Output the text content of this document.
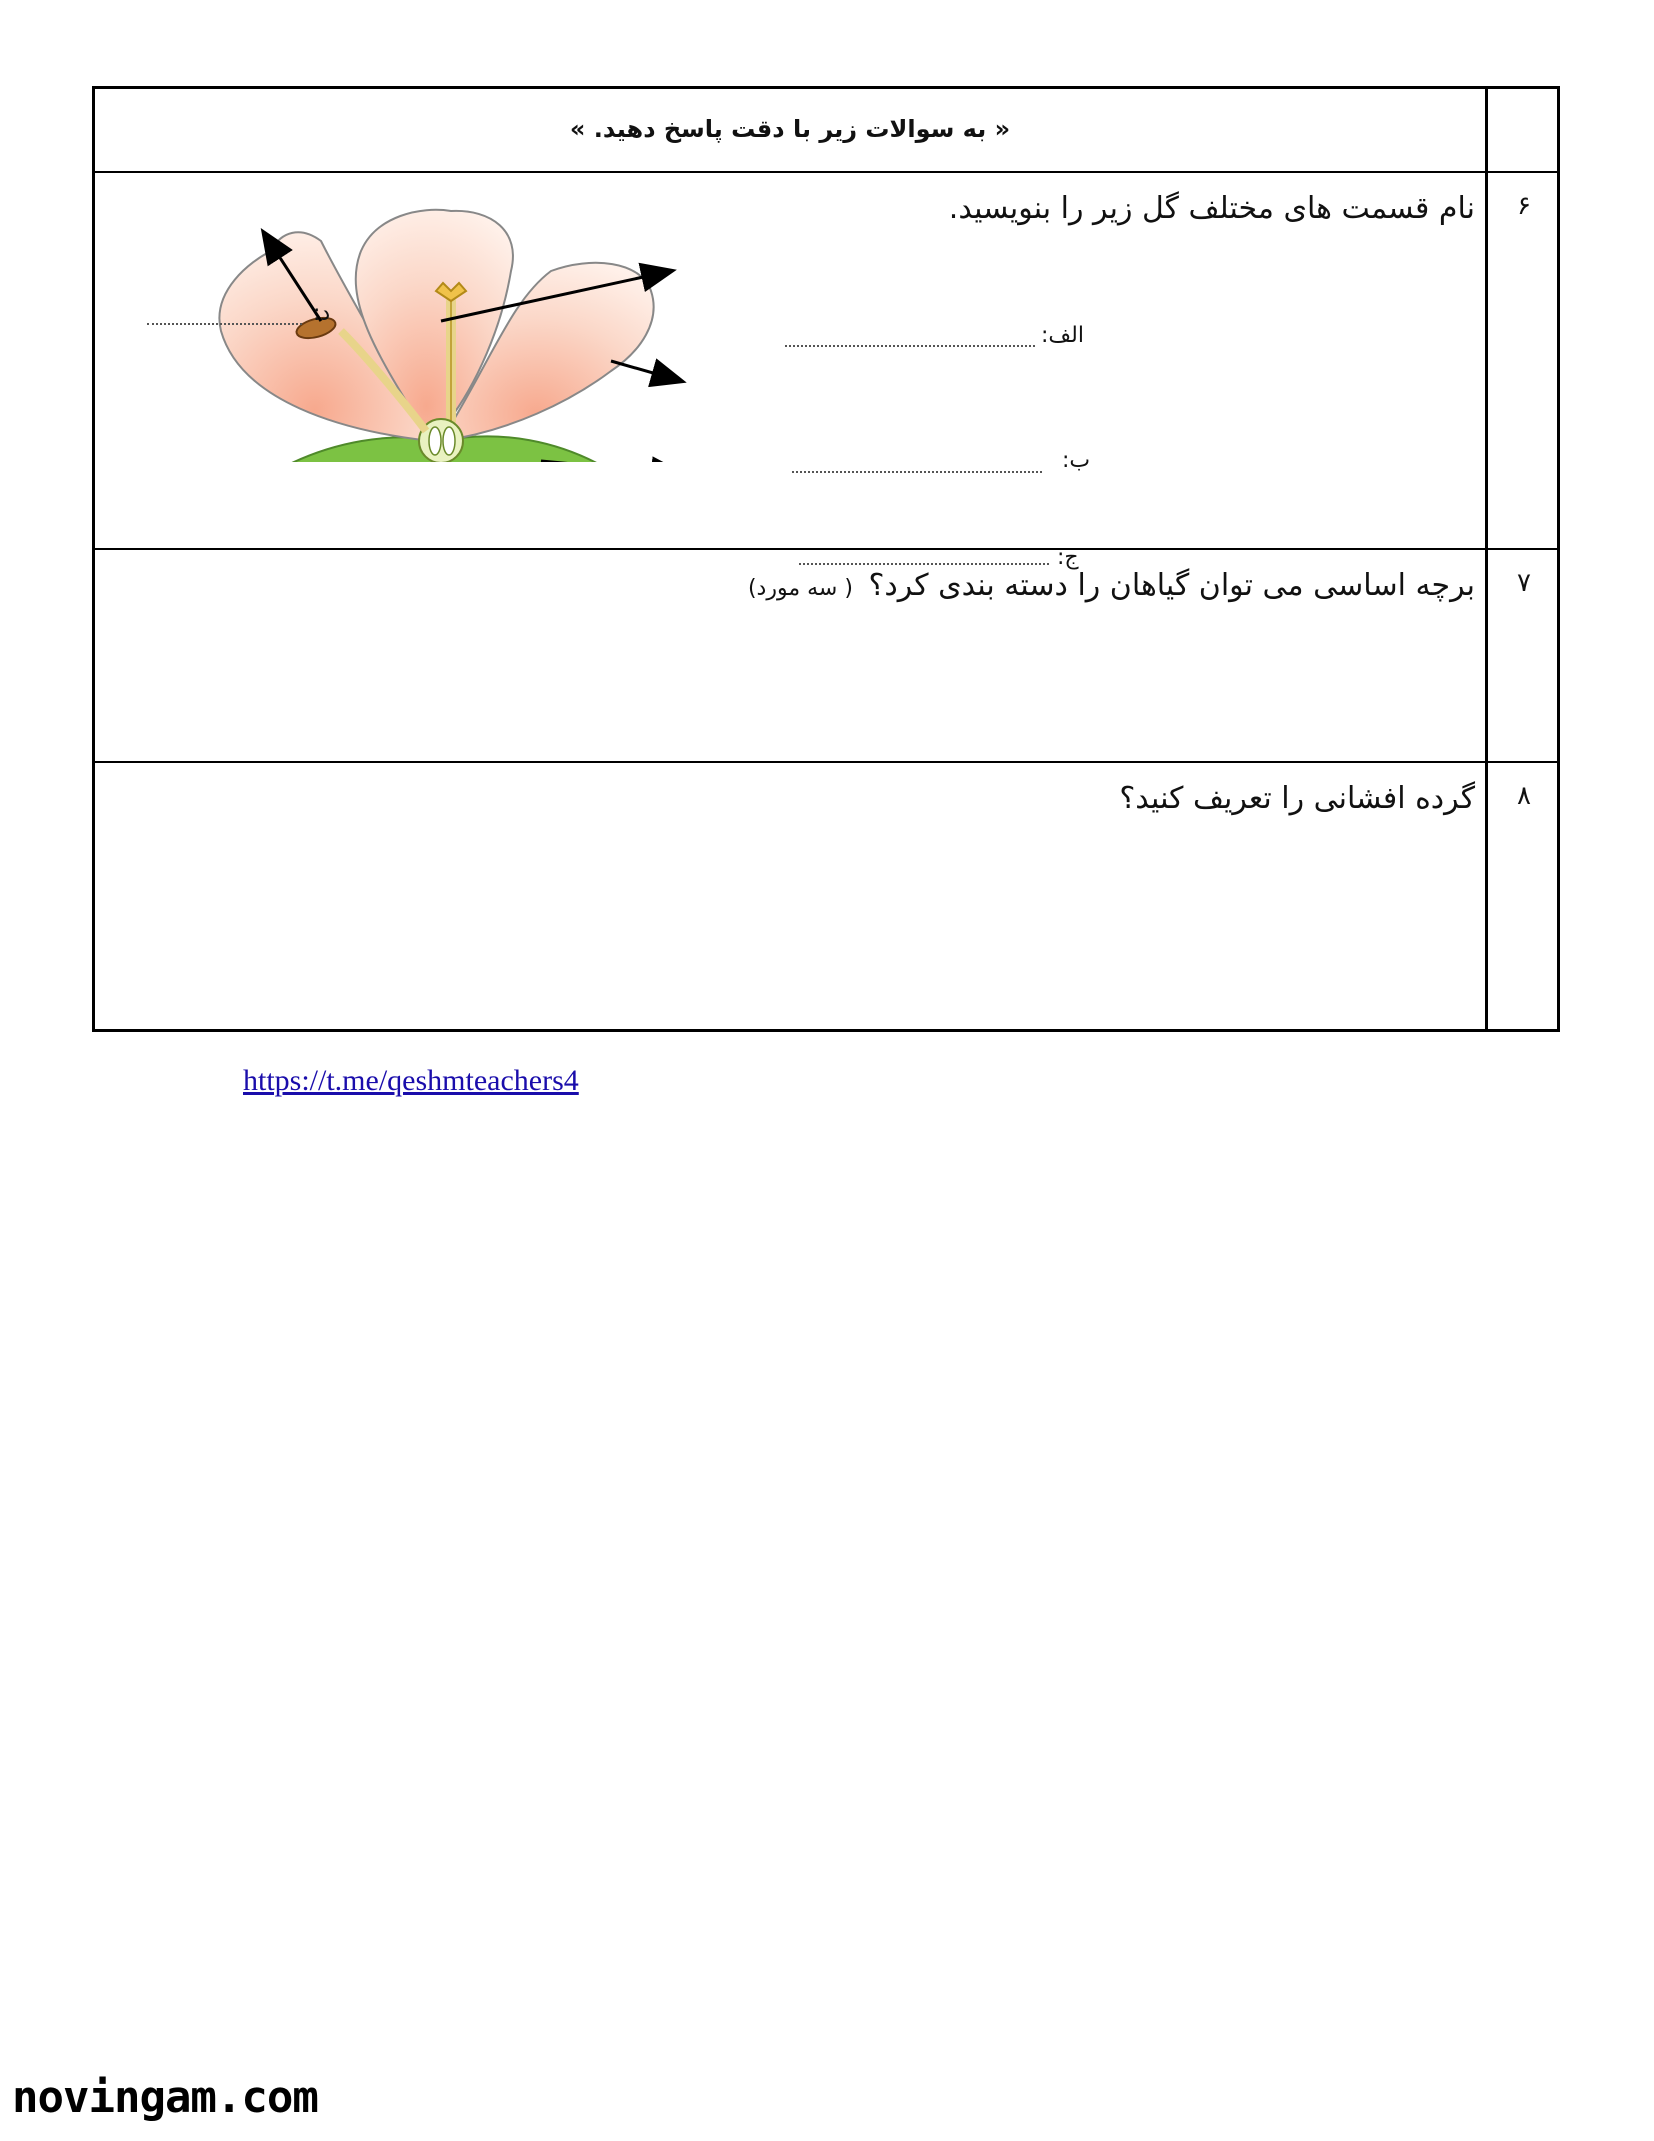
« به سوالات زیر با دقت پاسخ دهید. »
۶
نام قسمت های مختلف گل زیر را بنویسید.
الف:
ب:
ج:
د:
۷
برچه اساسی می توان گیاهان را دسته بندی کرد؟ ( سه مورد)
۸
گرده افشانی را تعریف کنید؟
https://t.me/qeshmteachers4
novingam.com
